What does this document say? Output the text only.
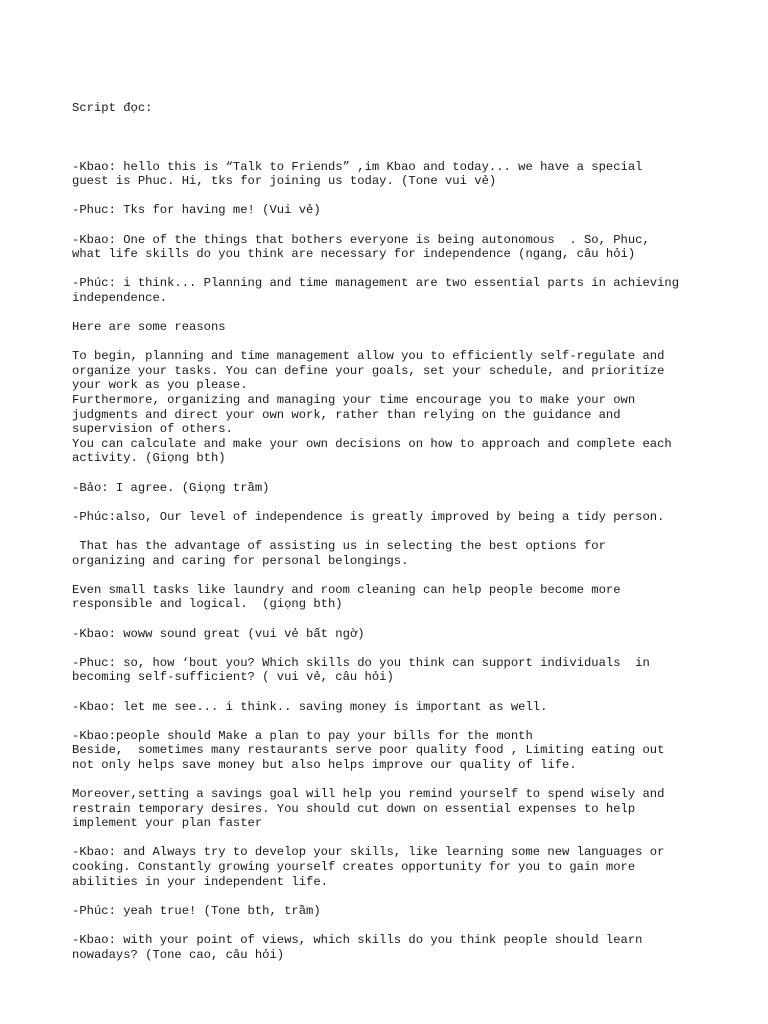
Script đọc:

-Kbao: hello this is “Talk to Friends” ,im Kbao and today... we have a special
guest is Phuc. Hi, tks for joining us today. (Tone vui vẻ)

-Phuc: Tks for having me! (Vui vẻ)

-Kbao: One of the things that bothers everyone is being autonomous  . So, Phuc,
what life skills do you think are necessary for independence (ngang, câu hỏi)

-Phúc: i think... Planning and time management are two essential parts in achieving
independence.

Here are some reasons

To begin, planning and time management allow you to efficiently self-regulate and
organize your tasks. You can define your goals, set your schedule, and prioritize
your work as you please.
Furthermore, organizing and managing your time encourage you to make your own
judgments and direct your own work, rather than relying on the guidance and
supervision of others.
You can calculate and make your own decisions on how to approach and complete each
activity. (Giọng bth)

-Bảo: I agree. (Giọng trầm)

-Phúc:also, Our level of independence is greatly improved by being a tidy person.

That has the advantage of assisting us in selecting the best options for
organizing and caring for personal belongings.

Even small tasks like laundry and room cleaning can help people become more
responsible and logical.  (giọng bth)

-Kbao: woww sound great (vui vẻ bất ngờ)

-Phuc: so, how ‘bout you? Which skills do you think can support individuals  in
becoming self-sufficient? ( vui vẻ, câu hỏi)

-Kbao: let me see... i think.. saving money is important as well.

-Kbao:people should Make a plan to pay your bills for the month
Beside,  sometimes many restaurants serve poor quality food , Limiting eating out
not only helps save money but also helps improve our quality of life.

Moreover,setting a savings goal will help you remind yourself to spend wisely and
restrain temporary desires. You should cut down on essential expenses to help
implement your plan faster

-Kbao: and Always try to develop your skills, like learning some new languages or
cooking. Constantly growing yourself creates opportunity for you to gain more
abilities in your independent life.

-Phúc: yeah true! (Tone bth, trầm)

-Kbao: with your point of views, which skills do you think people should learn
nowadays? (Tone cao, câu hỏi)
